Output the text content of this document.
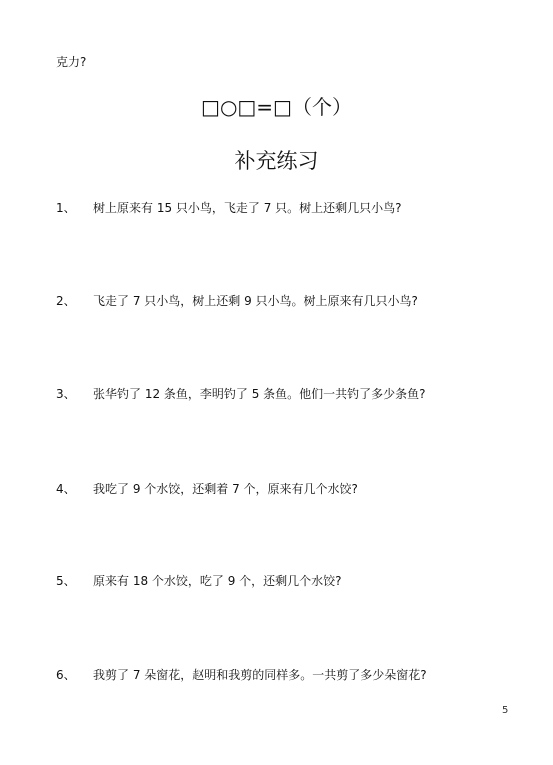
克力?
□○□=□（个）
补充练习
1、	树上原来有 15 只小鸟，飞走了 7 只。树上还剩几只小鸟?
2、	飞走了 7 只小鸟，树上还剩 9 只小鸟。树上原来有几只小鸟?
3、	张华钓了 12 条鱼，李明钓了 5 条鱼。他们一共钓了多少条鱼?
4、	我吃了 9 个水饺，还剩着 7 个，原来有几个水饺?
5、	原来有 18 个水饺，吃了 9 个，还剩几个水饺?
6、	我剪了 7 朵窗花，赵明和我剪的同样多。一共剪了多少朵窗花?
5
